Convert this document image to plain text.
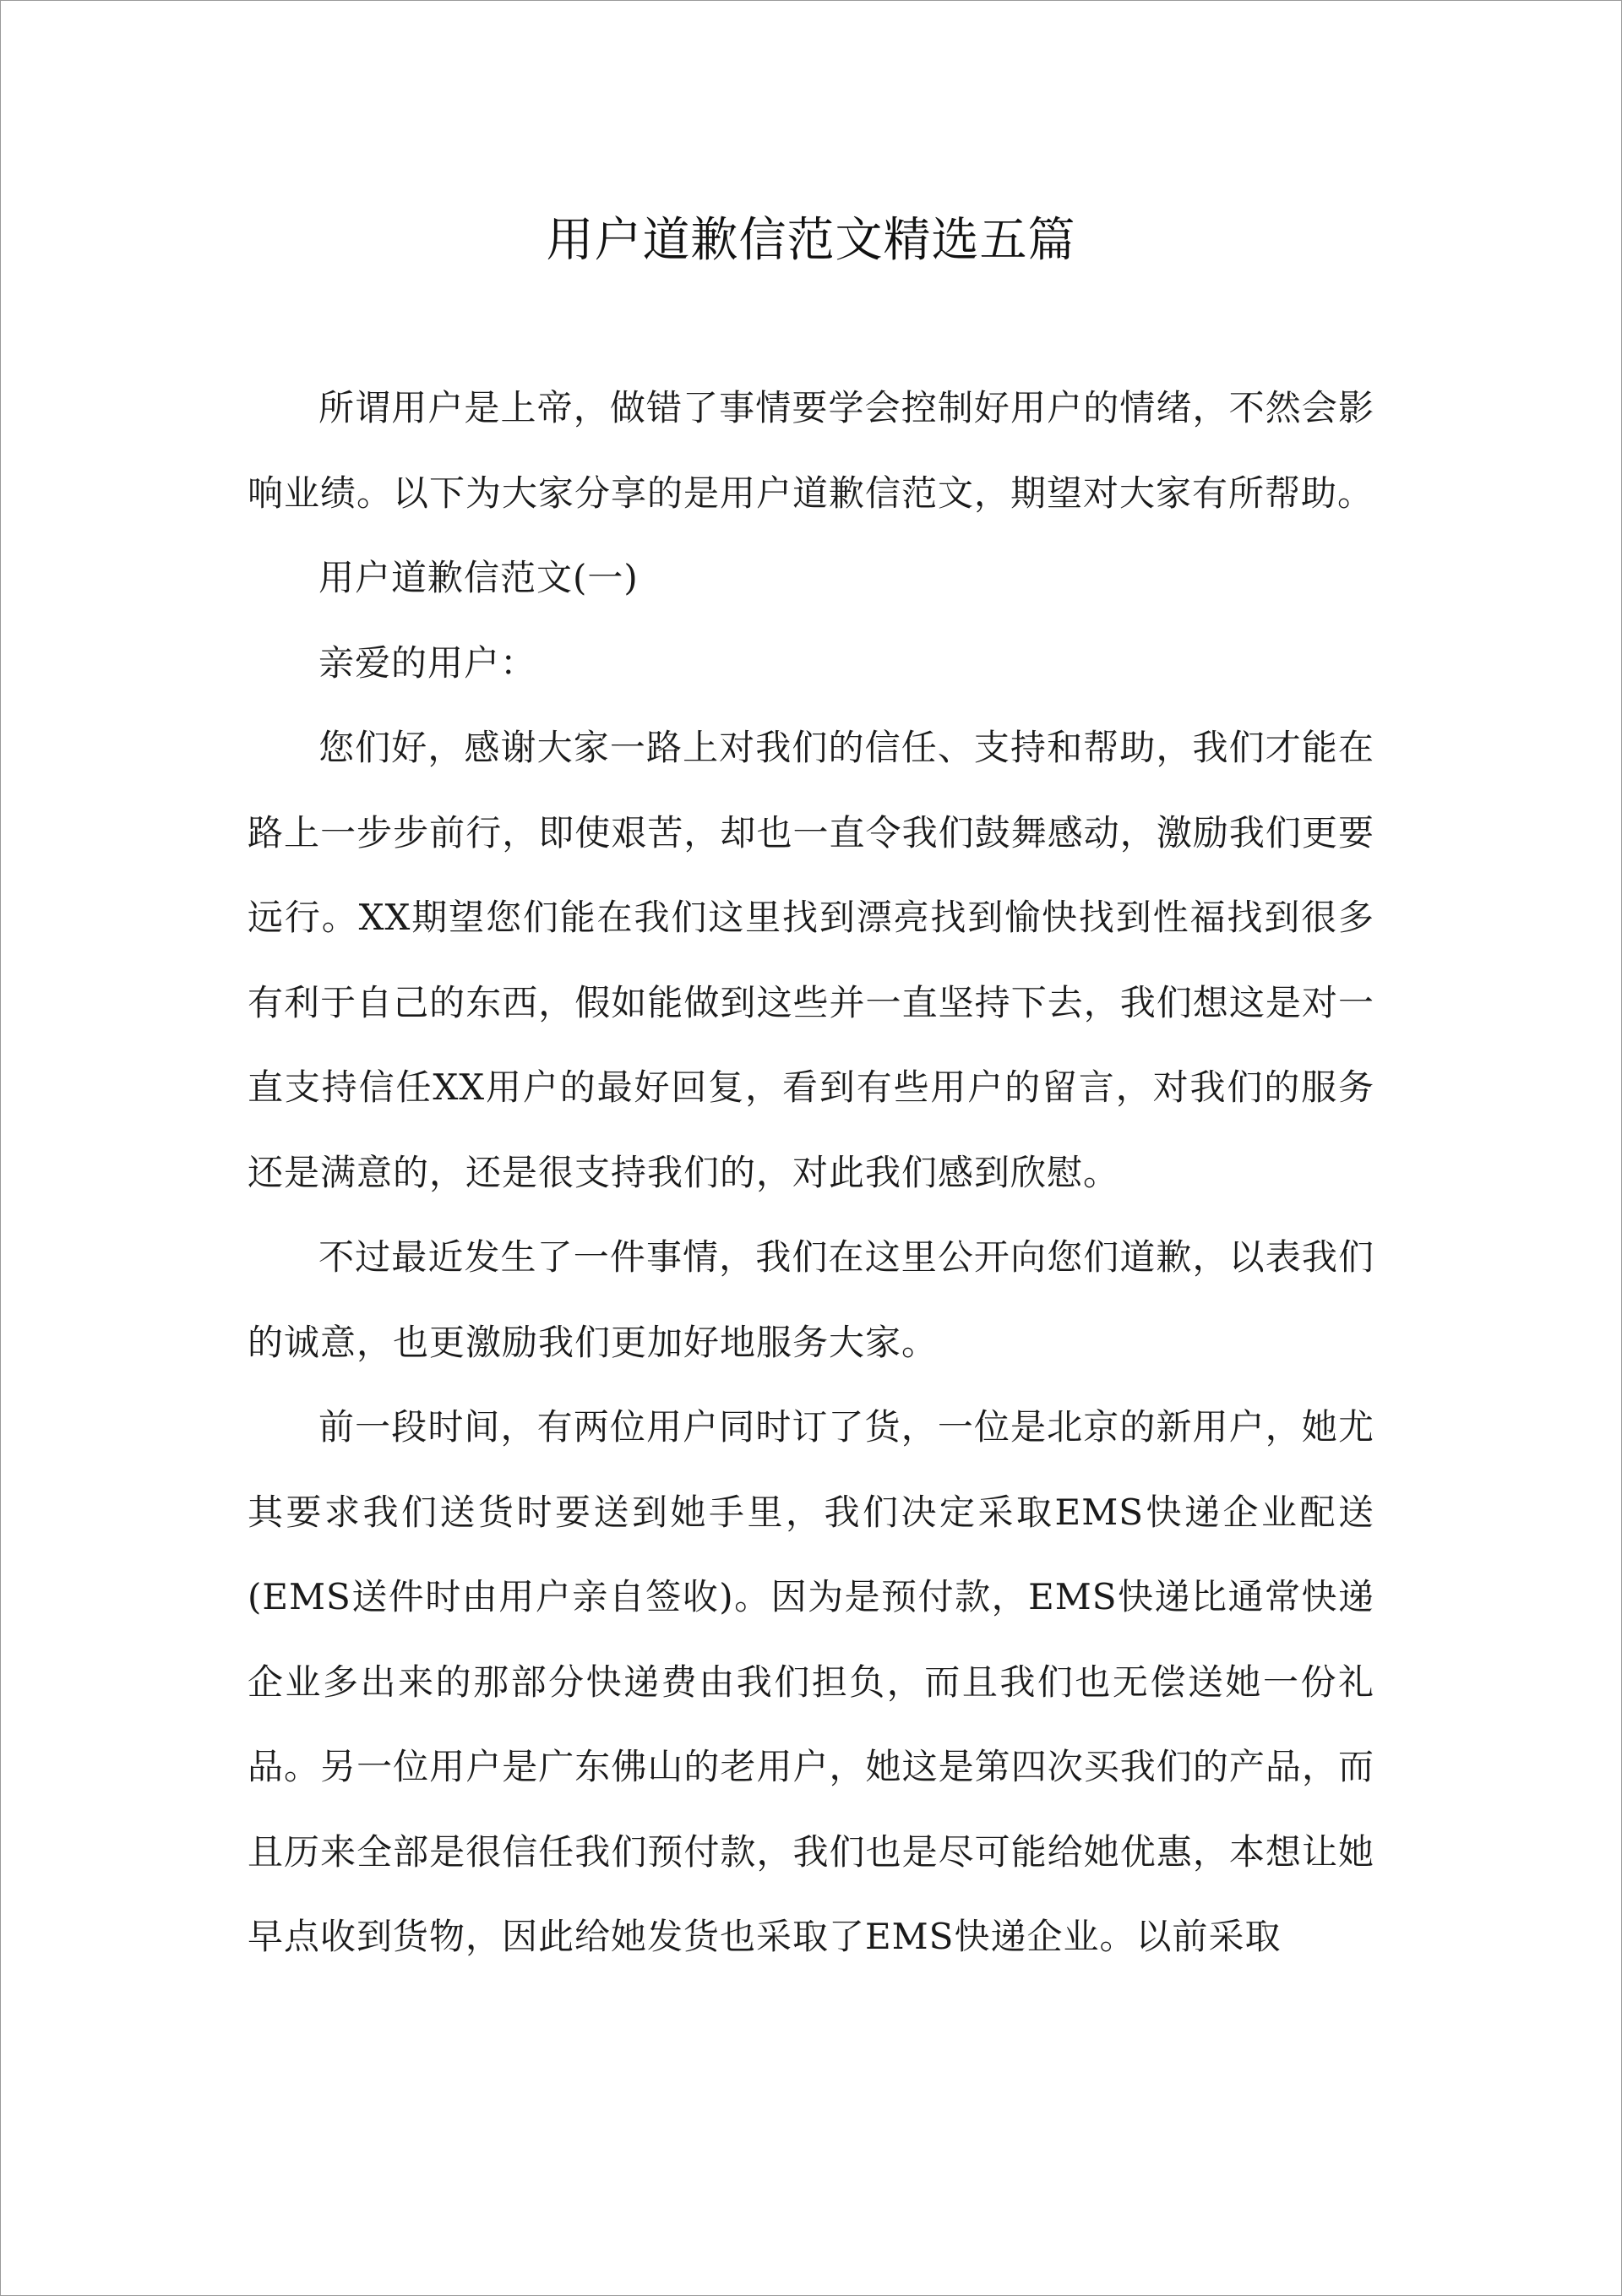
用户道歉信范文精选五篇

所谓用户是上帝，做错了事情要学会控制好用户的情绪，不然会影响业绩。以下为大家分享的是用户道歉信范文，期望对大家有所帮助。

用户道歉信范文(一)

亲爱的用户：

您们好，感谢大家一路上对我们的信任、支持和帮助，我们才能在路上一步步前行，即使艰苦，却也一直令我们鼓舞感动，激励我们更要远行。XX期望您们能在我们这里找到漂亮找到愉快找到性福找到很多有利于自己的东西，假如能做到这些并一直坚持下去，我们想这是对一直支持信任XX用户的最好回复，看到有些用户的留言，对我们的服务还是满意的，还是很支持我们的，对此我们感到欣慰。

不过最近发生了一件事情，我们在这里公开向您们道歉，以表我们的诚意，也更激励我们更加好地服务大家。

前一段时间，有两位用户同时订了货，一位是北京的新用户，她尤其要求我们送货时要送到她手里，我们决定采取EMS快递企业配送(EMS送件时由用户亲自签收)。因为是预付款，EMS快递比通常快递企业多出来的那部分快递费由我们担负，而且我们也无偿送她一份礼品。另一位用户是广东佛山的老用户，她这是第四次买我们的产品，而且历来全部是很信任我们预付款，我们也是尽可能给她优惠，本想让她早点收到货物，因此给她发货也采取了EMS快递企业。以前采取
